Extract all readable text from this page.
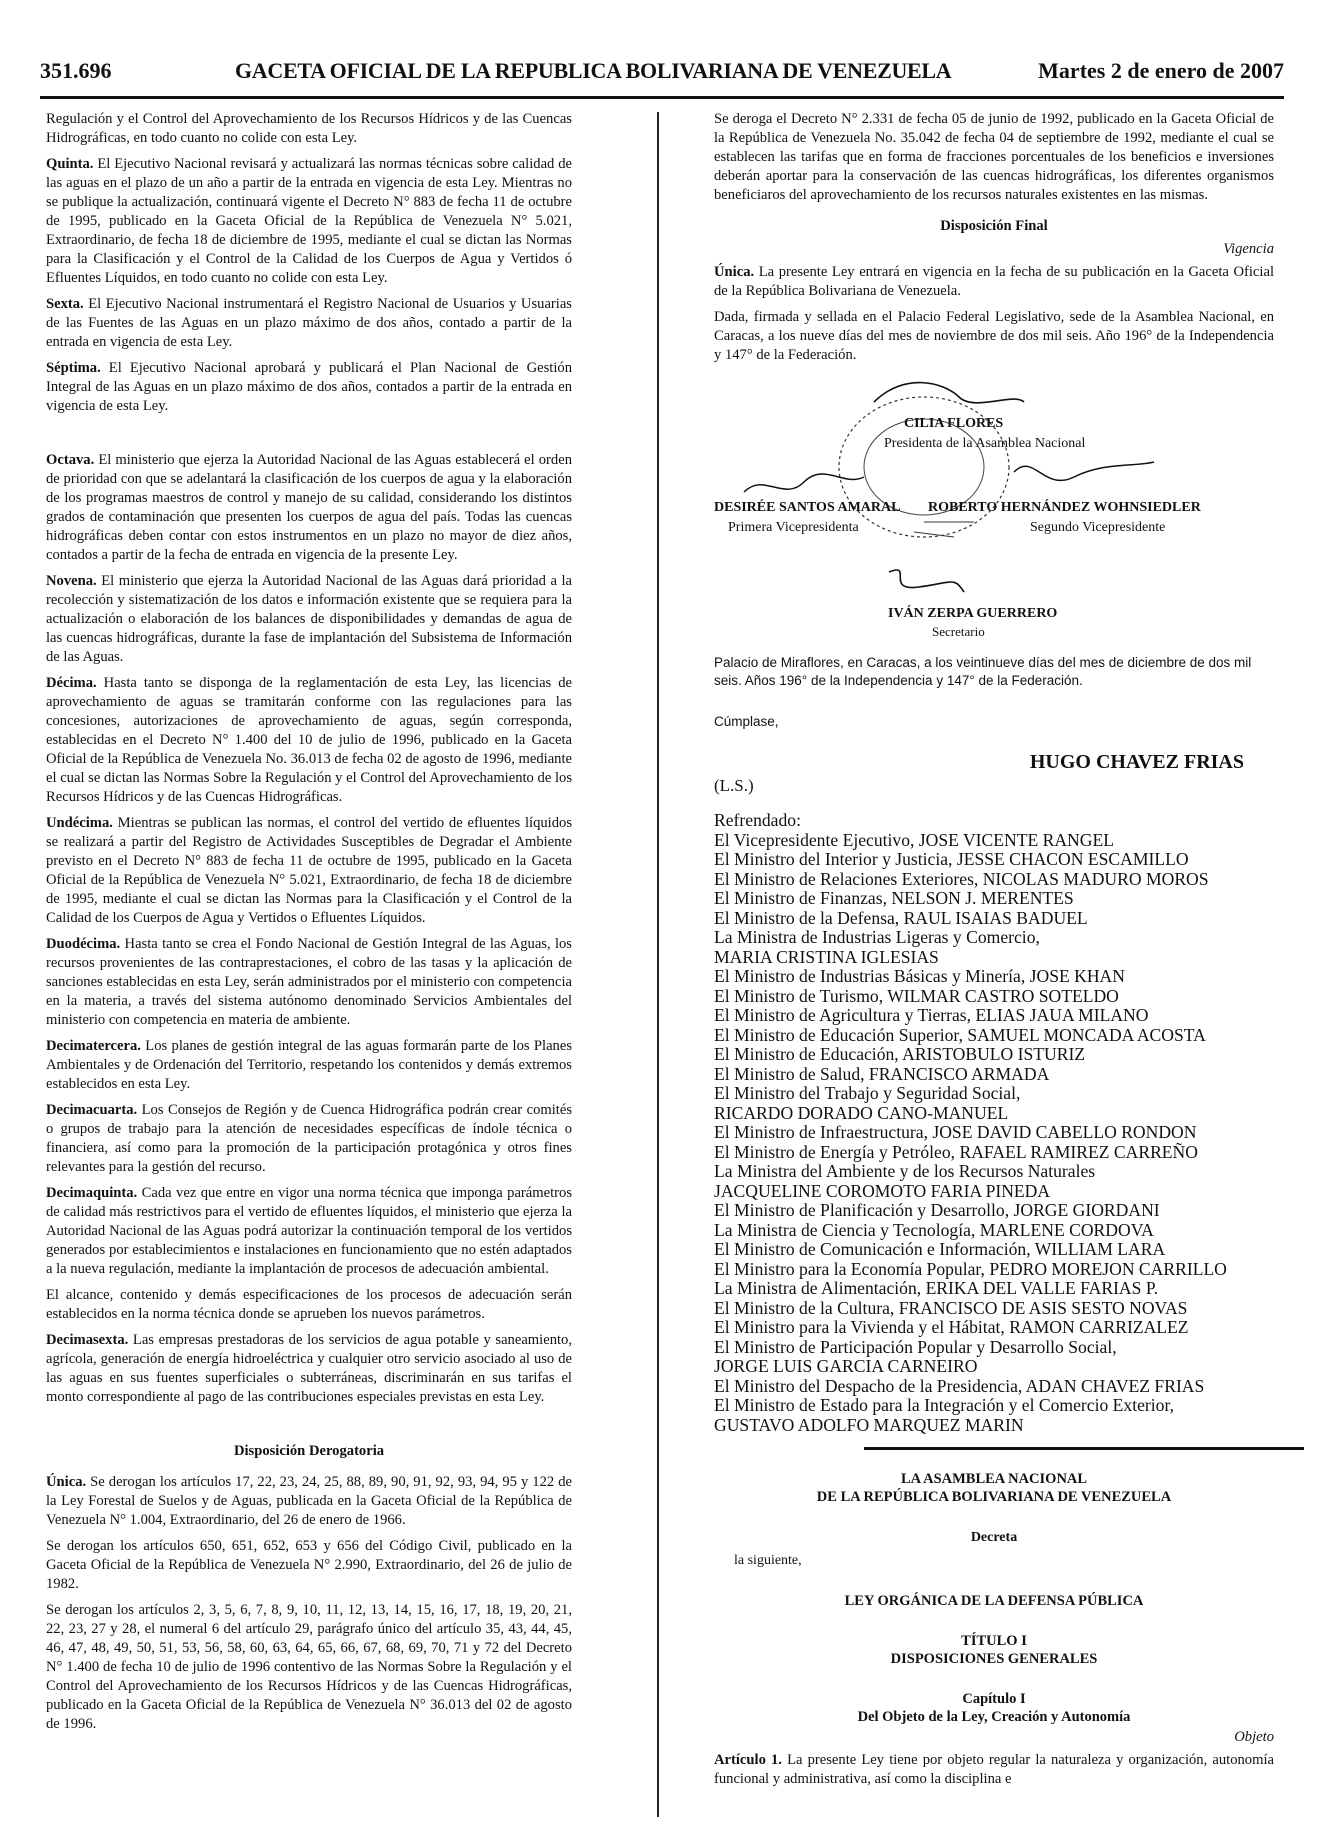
351.696	GACETA OFICIAL DE LA REPUBLICA BOLIVARIANA DE VENEZUELA	Martes 2 de enero de 2007

Regulación y el Control del Aprovechamiento de los Recursos Hídricos y de las Cuencas Hidrográficas, en todo cuanto no colide con esta Ley.

Quinta. El Ejecutivo Nacional revisará y actualizará las normas técnicas sobre calidad de las aguas en el plazo de un año a partir de la entrada en vigencia de esta Ley. Mientras no se publique la actualización, continuará vigente el Decreto N° 883 de fecha 11 de octubre de 1995, publicado en la Gaceta Oficial de la República de Venezuela N° 5.021, Extraordinario, de fecha 18 de diciembre de 1995, mediante el cual se dictan las Normas para la Clasificación y el Control de la Calidad de los Cuerpos de Agua y Vertidos ó Efluentes Líquidos, en todo cuanto no colide con esta Ley.

Sexta. El Ejecutivo Nacional instrumentará el Registro Nacional de Usuarios y Usuarias de las Fuentes de las Aguas en un plazo máximo de dos años, contado a partir de la entrada en vigencia de esta Ley.

Séptima. El Ejecutivo Nacional aprobará y publicará el Plan Nacional de Gestión Integral de las Aguas en un plazo máximo de dos años, contados a partir de la entrada en vigencia de esta Ley.

Octava. El ministerio que ejerza la Autoridad Nacional de las Aguas establecerá el orden de prioridad con que se adelantará la clasificación de los cuerpos de agua y la elaboración de los programas maestros de control y manejo de su calidad, considerando los distintos grados de contaminación que presenten los cuerpos de agua del país. Todas las cuencas hidrográficas deben contar con estos instrumentos en un plazo no mayor de diez años, contados a partir de la fecha de entrada en vigencia de la presente Ley.

Novena. El ministerio que ejerza la Autoridad Nacional de las Aguas dará prioridad a la recolección y sistematización de los datos e información existente que se requiera para la actualización o elaboración de los balances de disponibilidades y demandas de agua de las cuencas hidrográficas, durante la fase de implantación del Subsistema de Información de las Aguas.

Décima. Hasta tanto se disponga de la reglamentación de esta Ley, las licencias de aprovechamiento de aguas se tramitarán conforme con las regulaciones para las concesiones, autorizaciones de aprovechamiento de aguas, según corresponda, establecidas en el Decreto N° 1.400 del 10 de julio de 1996, publicado en la Gaceta Oficial de la República de Venezuela No. 36.013 de fecha 02 de agosto de 1996, mediante el cual se dictan las Normas Sobre la Regulación y el Control del Aprovechamiento de los Recursos Hídricos y de las Cuencas Hidrográficas.

Undécima. Mientras se publican las normas, el control del vertido de efluentes líquidos se realizará a partir del Registro de Actividades Susceptibles de Degradar el Ambiente previsto en el Decreto N° 883 de fecha 11 de octubre de 1995, publicado en la Gaceta Oficial de la República de Venezuela N° 5.021, Extraordinario, de fecha 18 de diciembre de 1995, mediante el cual se dictan las Normas para la Clasificación y el Control de la Calidad de los Cuerpos de Agua y Vertidos o Efluentes Líquidos.

Duodécima. Hasta tanto se crea el Fondo Nacional de Gestión Integral de las Aguas, los recursos provenientes de las contraprestaciones, el cobro de las tasas y la aplicación de sanciones establecidas en esta Ley, serán administrados por el ministerio con competencia en la materia, a través del sistema autónomo denominado Servicios Ambientales del ministerio con competencia en materia de ambiente.

Decimatercera. Los planes de gestión integral de las aguas formarán parte de los Planes Ambientales y de Ordenación del Territorio, respetando los contenidos y demás extremos establecidos en esta Ley.

Decimacuarta. Los Consejos de Región y de Cuenca Hidrográfica podrán crear comités o grupos de trabajo para la atención de necesidades específicas de índole técnica o financiera, así como para la promoción de la participación protagónica y otros fines relevantes para la gestión del recurso.

Decimaquinta. Cada vez que entre en vigor una norma técnica que imponga parámetros de calidad más restrictivos para el vertido de efluentes líquidos, el ministerio que ejerza la Autoridad Nacional de las Aguas podrá autorizar la continuación temporal de los vertidos generados por establecimientos e instalaciones en funcionamiento que no estén adaptados a la nueva regulación, mediante la implantación de procesos de adecuación ambiental.

El alcance, contenido y demás especificaciones de los procesos de adecuación serán establecidos en la norma técnica donde se aprueben los nuevos parámetros.

Decimasexta. Las empresas prestadoras de los servicios de agua potable y saneamiento, agrícola, generación de energía hidroeléctrica y cualquier otro servicio asociado al uso de las aguas en sus fuentes superficiales o subterráneas, discriminarán en sus tarifas el monto correspondiente al pago de las contribuciones especiales previstas en esta Ley.

Disposición Derogatoria

Única. Se derogan los artículos 17, 22, 23, 24, 25, 88, 89, 90, 91, 92, 93, 94, 95 y 122 de la Ley Forestal de Suelos y de Aguas, publicada en la Gaceta Oficial de la República de Venezuela N° 1.004, Extraordinario, del 26 de enero de 1966.

Se derogan los artículos 650, 651, 652, 653 y 656 del Código Civil, publicado en la Gaceta Oficial de la República de Venezuela N° 2.990, Extraordinario, del 26 de julio de 1982.

Se derogan los artículos 2, 3, 5, 6, 7, 8, 9, 10, 11, 12, 13, 14, 15, 16, 17, 18, 19, 20, 21, 22, 23, 27 y 28, el numeral 6 del artículo 29, parágrafo único del artículo 35, 43, 44, 45, 46, 47, 48, 49, 50, 51, 53, 56, 58, 60, 63, 64, 65, 66, 67, 68, 69, 70, 71 y 72 del Decreto N° 1.400 de fecha 10 de julio de 1996 contentivo de las Normas Sobre la Regulación y el Control del Aprovechamiento de los Recursos Hídricos y de las Cuencas Hidrográficas, publicado en la Gaceta Oficial de la República de Venezuela N° 36.013 del 02 de agosto de 1996.

Se deroga el Decreto N° 2.331 de fecha 05 de junio de 1992, publicado en la Gaceta Oficial de la República de Venezuela No. 35.042 de fecha 04 de septiembre de 1992, mediante el cual se establecen las tarifas que en forma de fracciones porcentuales de los beneficios e inversiones deberán aportar para la conservación de las cuencas hidrográficas, los diferentes organismos beneficiaros del aprovechamiento de los recursos naturales existentes en las mismas.

Disposición Final
Vigencia

Única. La presente Ley entrará en vigencia en la fecha de su publicación en la Gaceta Oficial de la República Bolivariana de Venezuela.

Dada, firmada y sellada en el Palacio Federal Legislativo, sede de la Asamblea Nacional, en Caracas, a los nueve días del mes de noviembre de dos mil seis. Año 196° de la Independencia y 147° de la Federación.

CILIA FLORES
Presidenta de la Asamblea Nacional
DESIRÉE SANTOS AMARAL
Primera Vicepresidenta
ROBERTO HERNÁNDEZ WOHNSIEDLER
Segundo Vicepresidente
IVÁN ZERPA GUERRERO
Secretario
Palacio de Miraflores, en Caracas, a los veintinueve días del mes de diciembre de dos mil seis. Años 196° de la Independencia y 147° de la Federación.
Cúmplase,
HUGO CHAVEZ FRIAS
(L.S.)
Refrendado:
El Vicepresidente Ejecutivo, JOSE VICENTE RANGEL
El Ministro del Interior y Justicia, JESSE CHACON ESCAMILLO
El Ministro de Relaciones Exteriores, NICOLAS MADURO MOROS
El Ministro de Finanzas, NELSON J. MERENTES
El Ministro de la Defensa, RAUL ISAIAS BADUEL
La Ministra de Industrias Ligeras y Comercio,
MARIA CRISTINA IGLESIAS
El Ministro de Industrias Básicas y Minería, JOSE KHAN
El Ministro de Turismo, WILMAR CASTRO SOTELDO
El Ministro de Agricultura y Tierras, ELIAS JAUA MILANO
El Ministro de Educación Superior, SAMUEL MONCADA ACOSTA
El Ministro de Educación, ARISTOBULO ISTURIZ
El Ministro de Salud, FRANCISCO ARMADA
El Ministro del Trabajo y Seguridad Social,
RICARDO DORADO CANO-MANUEL
El Ministro de Infraestructura, JOSE DAVID CABELLO RONDON
El Ministro de Energía y Petróleo, RAFAEL RAMIREZ CARREÑO
La Ministra del Ambiente y de los Recursos Naturales
JACQUELINE COROMOTO FARIA PINEDA
El Ministro de Planificación y Desarrollo, JORGE GIORDANI
La Ministra de Ciencia y Tecnología, MARLENE CORDOVA
El Ministro de Comunicación e Información, WILLIAM LARA
El Ministro para la Economía Popular, PEDRO MOREJON CARRILLO
La Ministra de Alimentación, ERIKA DEL VALLE FARIAS P.
El Ministro de la Cultura, FRANCISCO DE ASIS SESTO NOVAS
El Ministro para la Vivienda y el Hábitat, RAMON CARRIZALEZ
El Ministro de Participación Popular y Desarrollo Social,
JORGE LUIS GARCIA CARNEIRO
El Ministro del Despacho de la Presidencia, ADAN CHAVEZ FRIAS
El Ministro de Estado para la Integración y el Comercio Exterior,
GUSTAVO ADOLFO MARQUEZ MARIN
LA ASAMBLEA NACIONAL
DE LA REPÚBLICA BOLIVARIANA DE VENEZUELA
Decreta
la siguiente,
LEY ORGÁNICA DE LA DEFENSA PÚBLICA
TÍTULO I
DISPOSICIONES GENERALES
Capítulo I
Del Objeto de la Ley, Creación y Autonomía
Objeto

Artículo 1. La presente Ley tiene por objeto regular la naturaleza y organización, autonomía funcional y administrativa, así como la disciplina e
